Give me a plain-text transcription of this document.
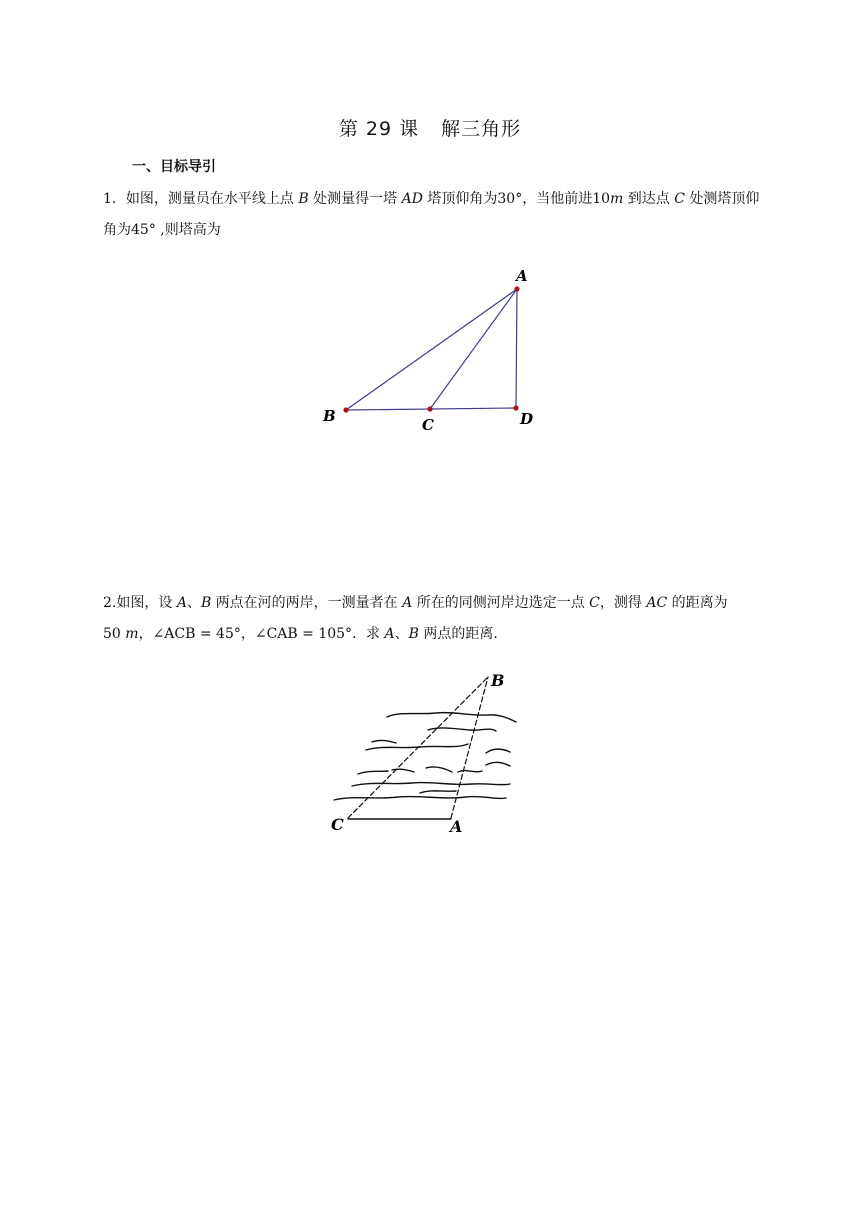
第 29 课 解三角形
一、目标导引
1．如图，测量员在水平线上点 B 处测量得一塔 AD 塔顶仰角为30°，当他前进10m 到达点 C 处测塔顶仰角为45° ,则塔高为
2.如图，设 A、B 两点在河的两岸，一测量者在 A 所在的同侧河岸边选定一点 C，测得 AC 的距离为
50 m，∠ACB = 45°，∠CAB = 105°．求 A、B 两点的距离．
A
B	C	D
B
C	A
